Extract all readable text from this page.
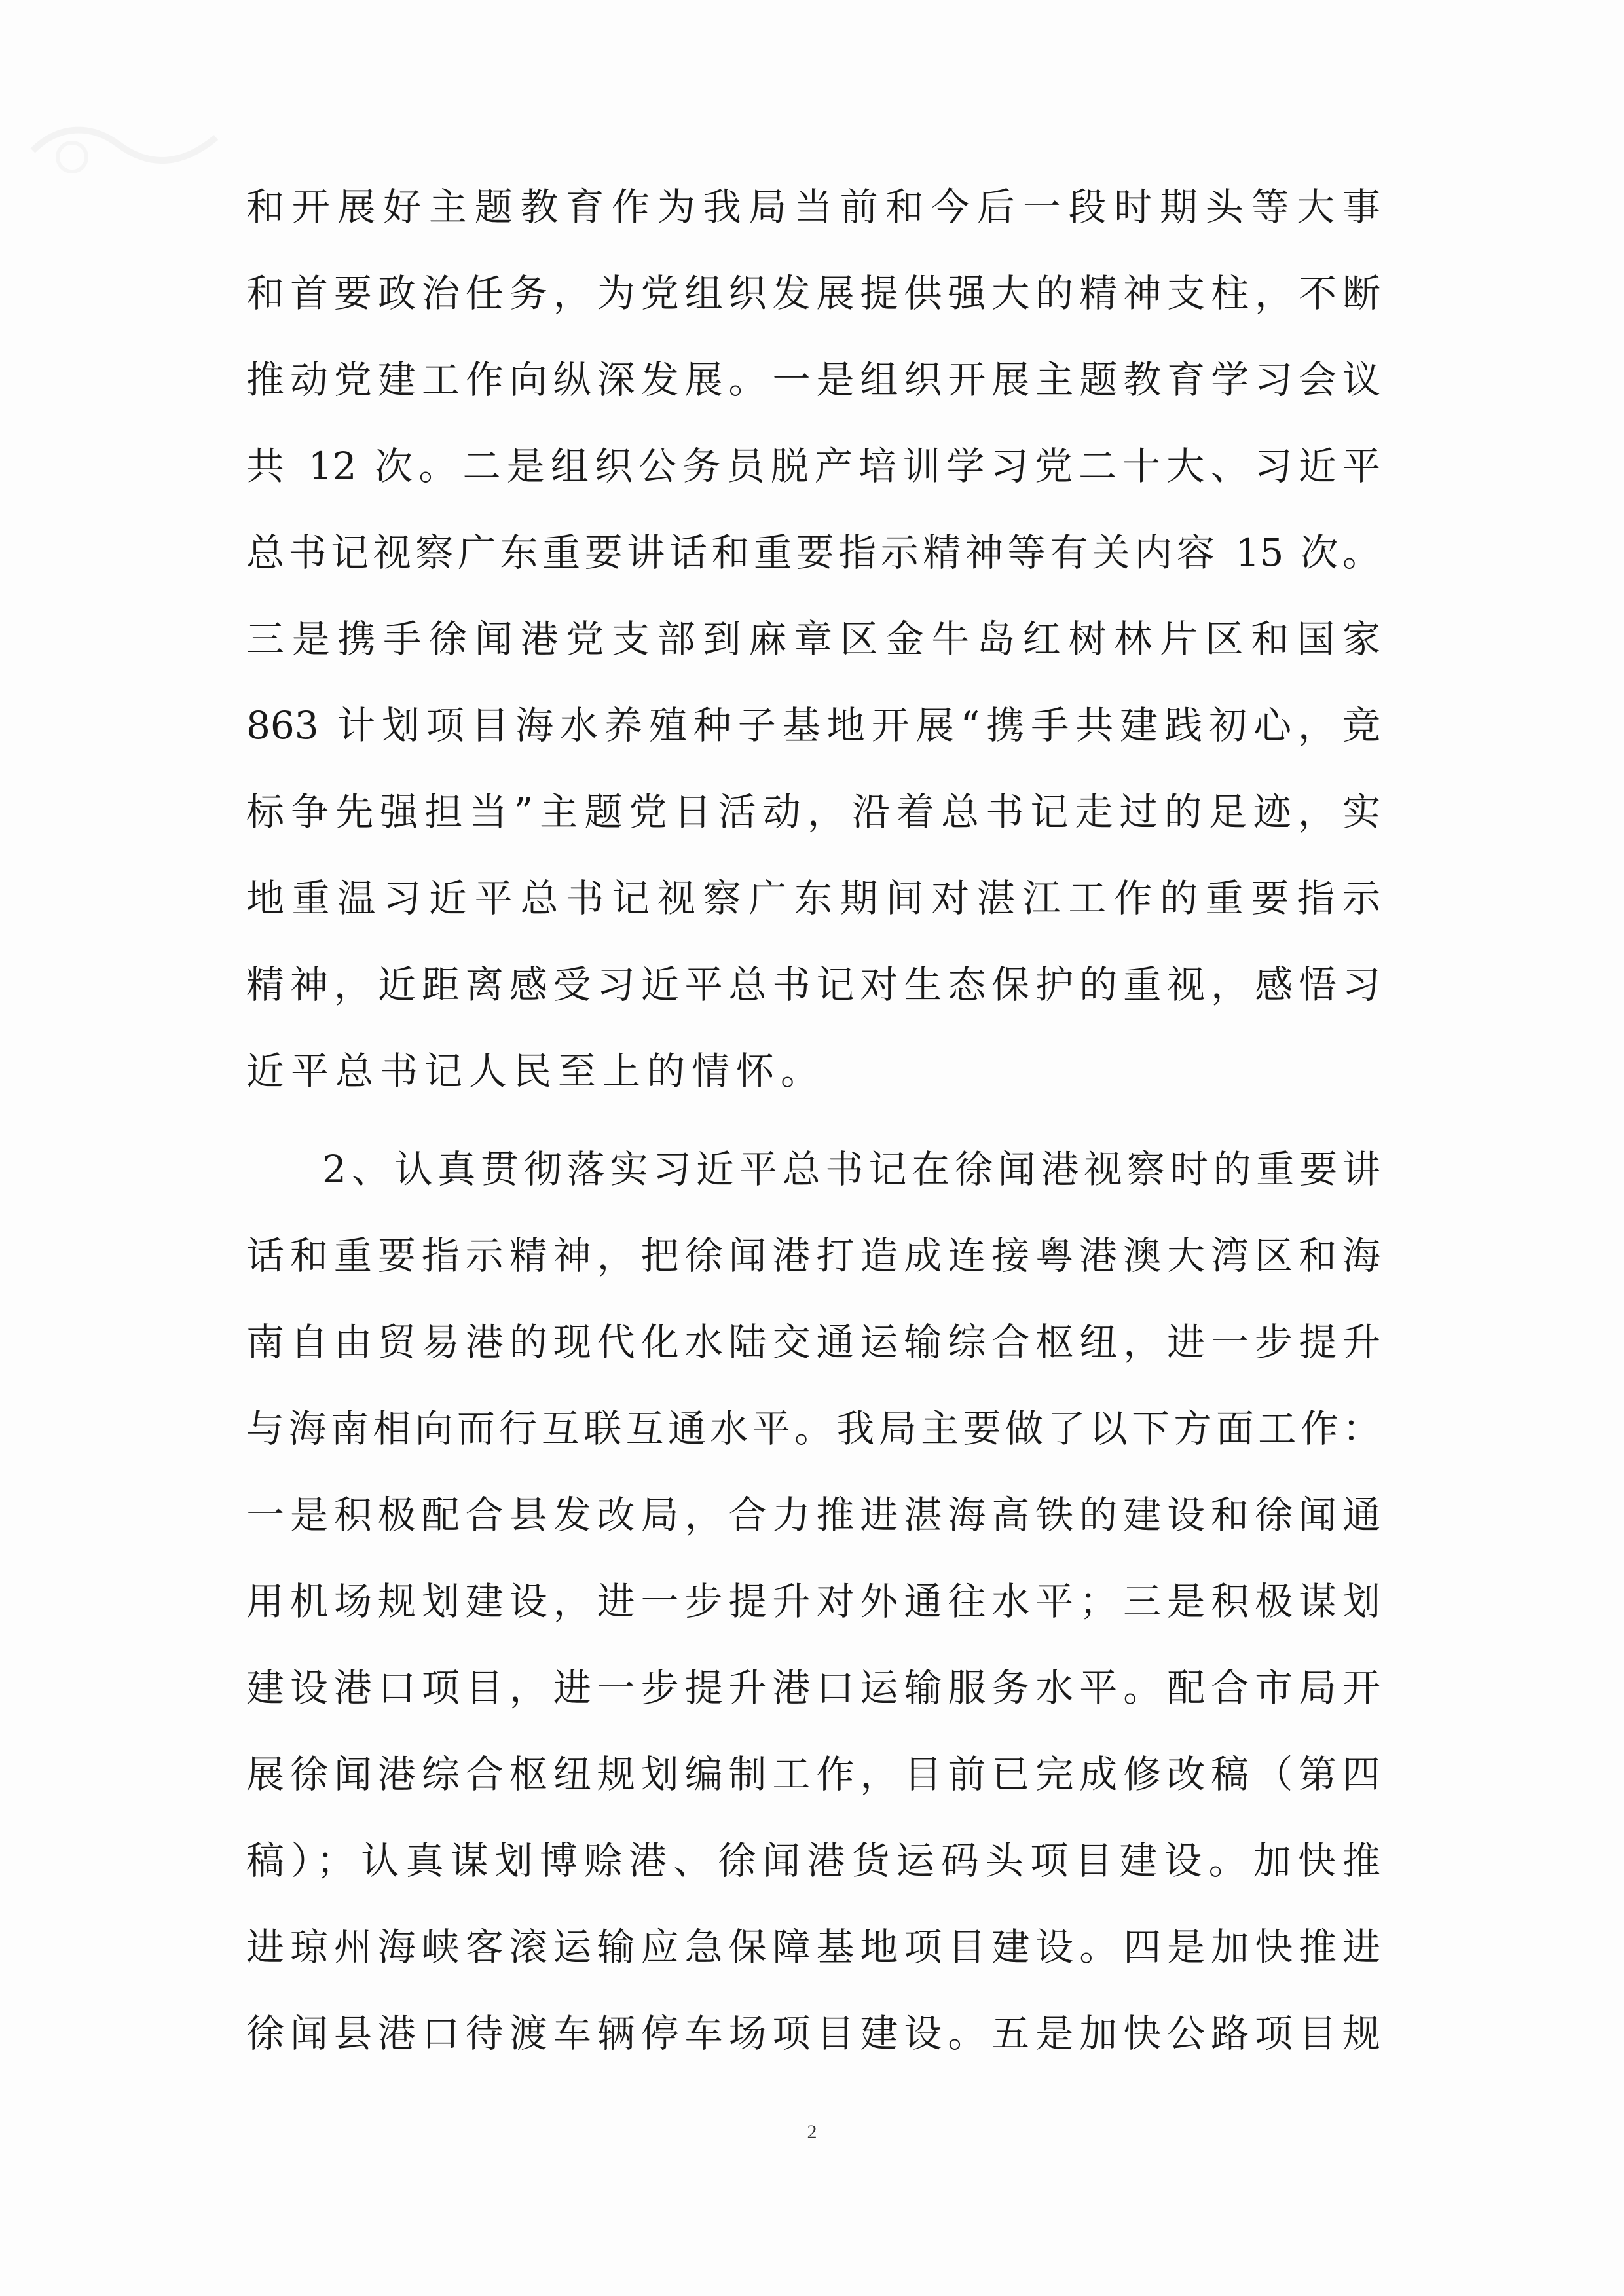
和开展好主题教育作为我局当前和今后一段时期头等大事
和首要政治任务，为党组织发展提供强大的精神支柱，不断
推动党建工作向纵深发展。一是组织开展主题教育学习会议
共 12 次。二是组织公务员脱产培训学习党二十大、习近平
总书记视察广东重要讲话和重要指示精神等有关内容 15 次。
三是携手徐闻港党支部到麻章区金牛岛红树林片区和国家
863 计划项目海水养殖种子基地开展“携手共建践初心，竞
标争先强担当”主题党日活动，沿着总书记走过的足迹，实
地重温习近平总书记视察广东期间对湛江工作的重要指示
精神，近距离感受习近平总书记对生态保护的重视，感悟习
近平总书记人民至上的情怀。
2、认真贯彻落实习近平总书记在徐闻港视察时的重要讲
话和重要指示精神，把徐闻港打造成连接粤港澳大湾区和海
南自由贸易港的现代化水陆交通运输综合枢纽，进一步提升
与海南相向而行互联互通水平。我局主要做了以下方面工作：
一是积极配合县发改局，合力推进湛海高铁的建设和徐闻通
用机场规划建设，进一步提升对外通往水平；三是积极谋划
建设港口项目，进一步提升港口运输服务水平。配合市局开
展徐闻港综合枢纽规划编制工作，目前已完成修改稿（第四
稿）；认真谋划博赊港、徐闻港货运码头项目建设。加快推
进琼州海峡客滚运输应急保障基地项目建设。四是加快推进
徐闻县港口待渡车辆停车场项目建设。五是加快公路项目规
2
